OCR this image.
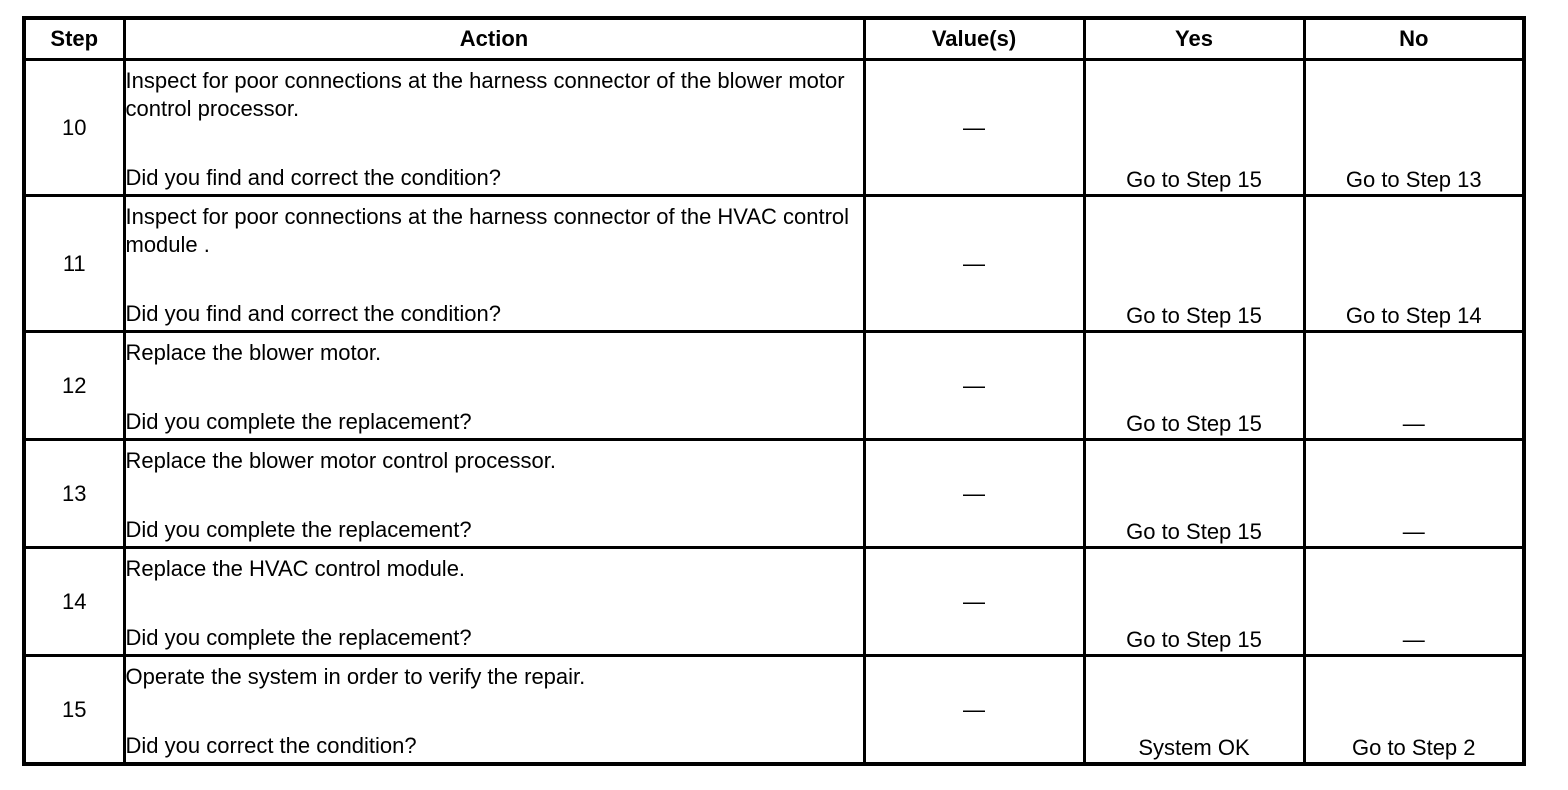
Step	Action	Value(s)	Yes	No
10	Inspect for poor connections at the harness connector of the blower motor control processor.
Did you find and correct the condition?	—	Go to Step 15	Go to Step 13
11	Inspect for poor connections at the harness connector of the HVAC control module .
Did you find and correct the condition?	—	Go to Step 15	Go to Step 14
12	Replace the blower motor.
Did you complete the replacement?	—	Go to Step 15	—
13	Replace the blower motor control processor.
Did you complete the replacement?	—	Go to Step 15	—
14	Replace the HVAC control module.
Did you complete the replacement?	—	Go to Step 15	—
15	Operate the system in order to verify the repair.
Did you correct the condition?	—	System OK	Go to Step 2
